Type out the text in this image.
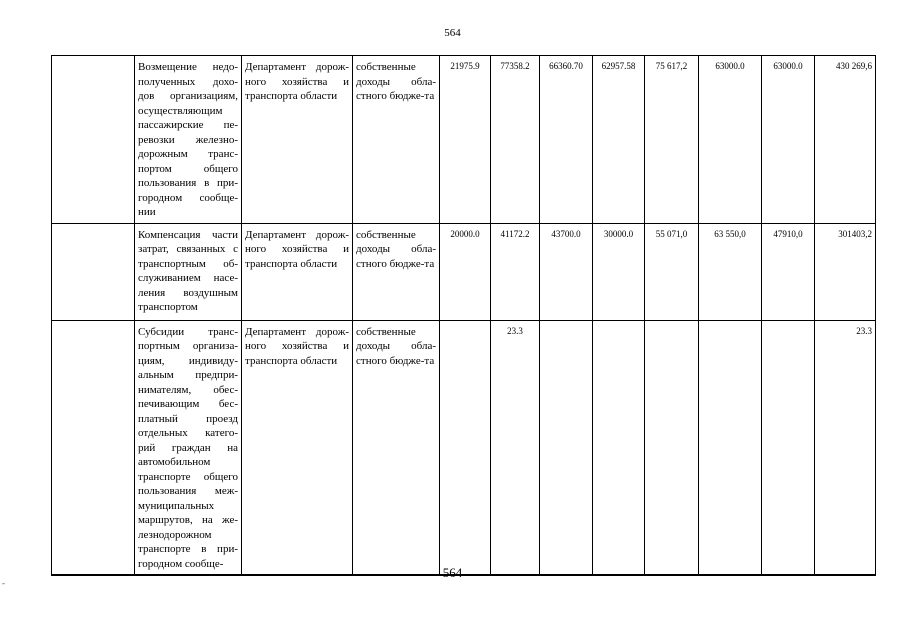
564
	Возмещение недо-полученных дохо-дов организациям, осуществляющим пассажирские пе-ревозки железно-дорожным транс-портом общего пользования в при-городном сообще-нии	Департамент дорож-ного хозяйства и транспорта области	собственные доходы обла-стного бюдже-та	21975.9	77358.2	66360.70	62957.58	75 617,2	63000.0	63000.0	430 269,6
	Компенсация части затрат, связанных с транспортным об-служиванием насе-ления воздушным транспортом	Департамент дорож-ного хозяйства и транспорта области	собственные доходы обла-стного бюдже-та	20000.0	41172.2	43700.0	30000.0	55 071,0	63 550,0	47910,0	301403,2
	Субсидии транс-портным организа-циям, индивиду-альным предпри-нимателям, обес-печивающим бес-платный проезд отдельных катего-рий граждан на автомобильном транспорте общего пользования меж-муниципальных маршрутов, на же-лезнодорожном транспорте в при-городном сообще-	Департамент дорож-ного хозяйства и транспорта области	собственные доходы обла-стного бюдже-та		23.3						23.3
564
-
